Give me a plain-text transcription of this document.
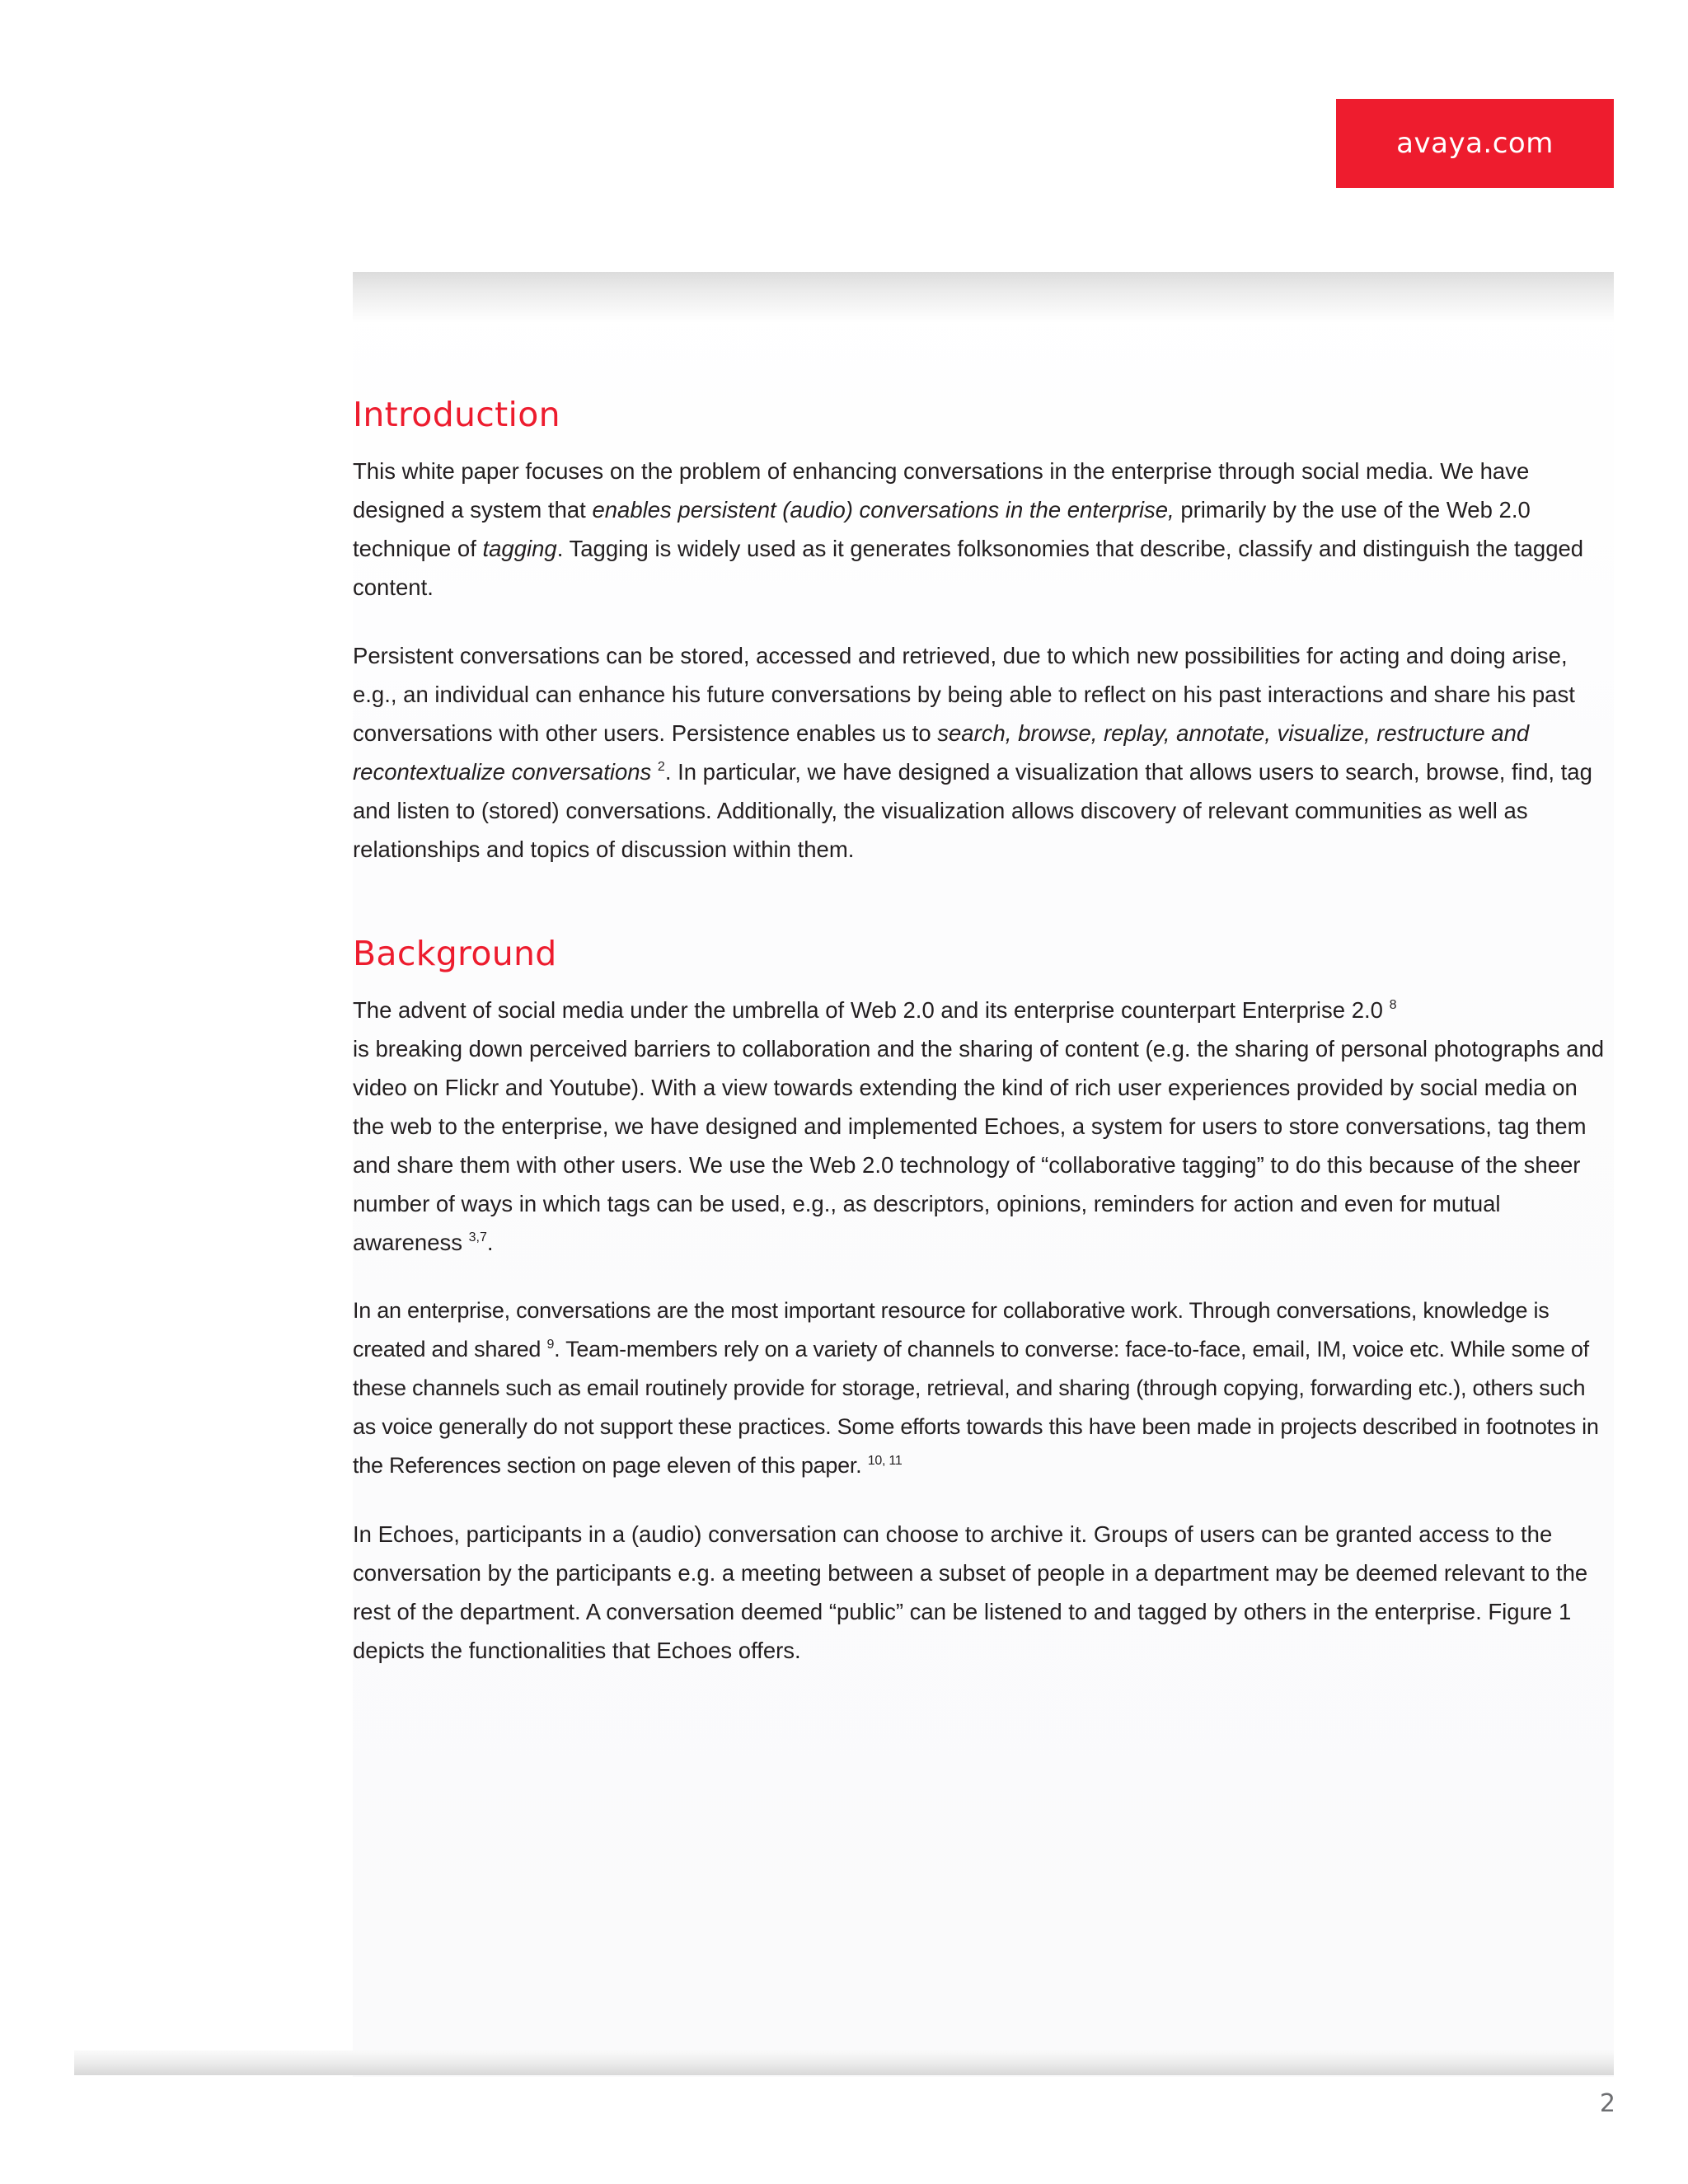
avaya.com
Introduction

This white paper focuses on the problem of enhancing conversations in the enterprise through social media. We have designed a system that enables persistent (audio) conversations in the enterprise, primarily by the use of the Web 2.0 technique of tagging. Tagging is widely used as it generates folksonomies that describe, classify and distinguish the tagged content.

Persistent conversations can be stored, accessed and retrieved, due to which new possibilities for acting and doing arise, e.g., an individual can enhance his future conversations by being able to reflect on his past interactions and share his past conversations with other users. Persistence enables us to search, browse, replay, annotate, visualize, restructure and recontextualize conversations $^2$. In particular, we have designed a visualization that allows users to search, browse, find, tag and listen to (stored) conversations. Additionally, the visualization allows discovery of relevant communities as well as relationships and topics of discussion within them.

Background

The advent of social media under the umbrella of Web 2.0 and its enterprise counterpart Enterprise 2.0 $^8$
is breaking down perceived barriers to collaboration and the sharing of content (e.g. the sharing of personal photographs and video on Flickr and Youtube). With a view towards extending the kind of rich user experiences provided by social media on the web to the enterprise, we have designed and implemented Echoes, a system for users to store conversations, tag them and share them with other users. We use the Web 2.0 technology of “collaborative tagging” to do this because of the sheer number of ways in which tags can be used, e.g., as descriptors, opinions, reminders for action and even for mutual awareness $^{3,7}$.

In an enterprise, conversations are the most important resource for collaborative work. Through conversations, knowledge is created and shared $^9$. Team-members rely on a variety of channels to converse: face-to-face, email, IM, voice etc. While some of these channels such as email routinely provide for storage, retrieval, and sharing (through copying, forwarding etc.), others such as voice generally do not support these practices. Some efforts towards this have been made in projects described in footnotes in the References section on page eleven of this paper. $^{10, 11}$

In Echoes, participants in a (audio) conversation can choose to archive it. Groups of users can be granted access to the conversation by the participants e.g. a meeting between a subset of people in a department may be deemed relevant to the rest of the department. A conversation deemed “public” can be listened to and tagged by others in the enterprise. Figure 1 depicts the functionalities that Echoes offers.

2
